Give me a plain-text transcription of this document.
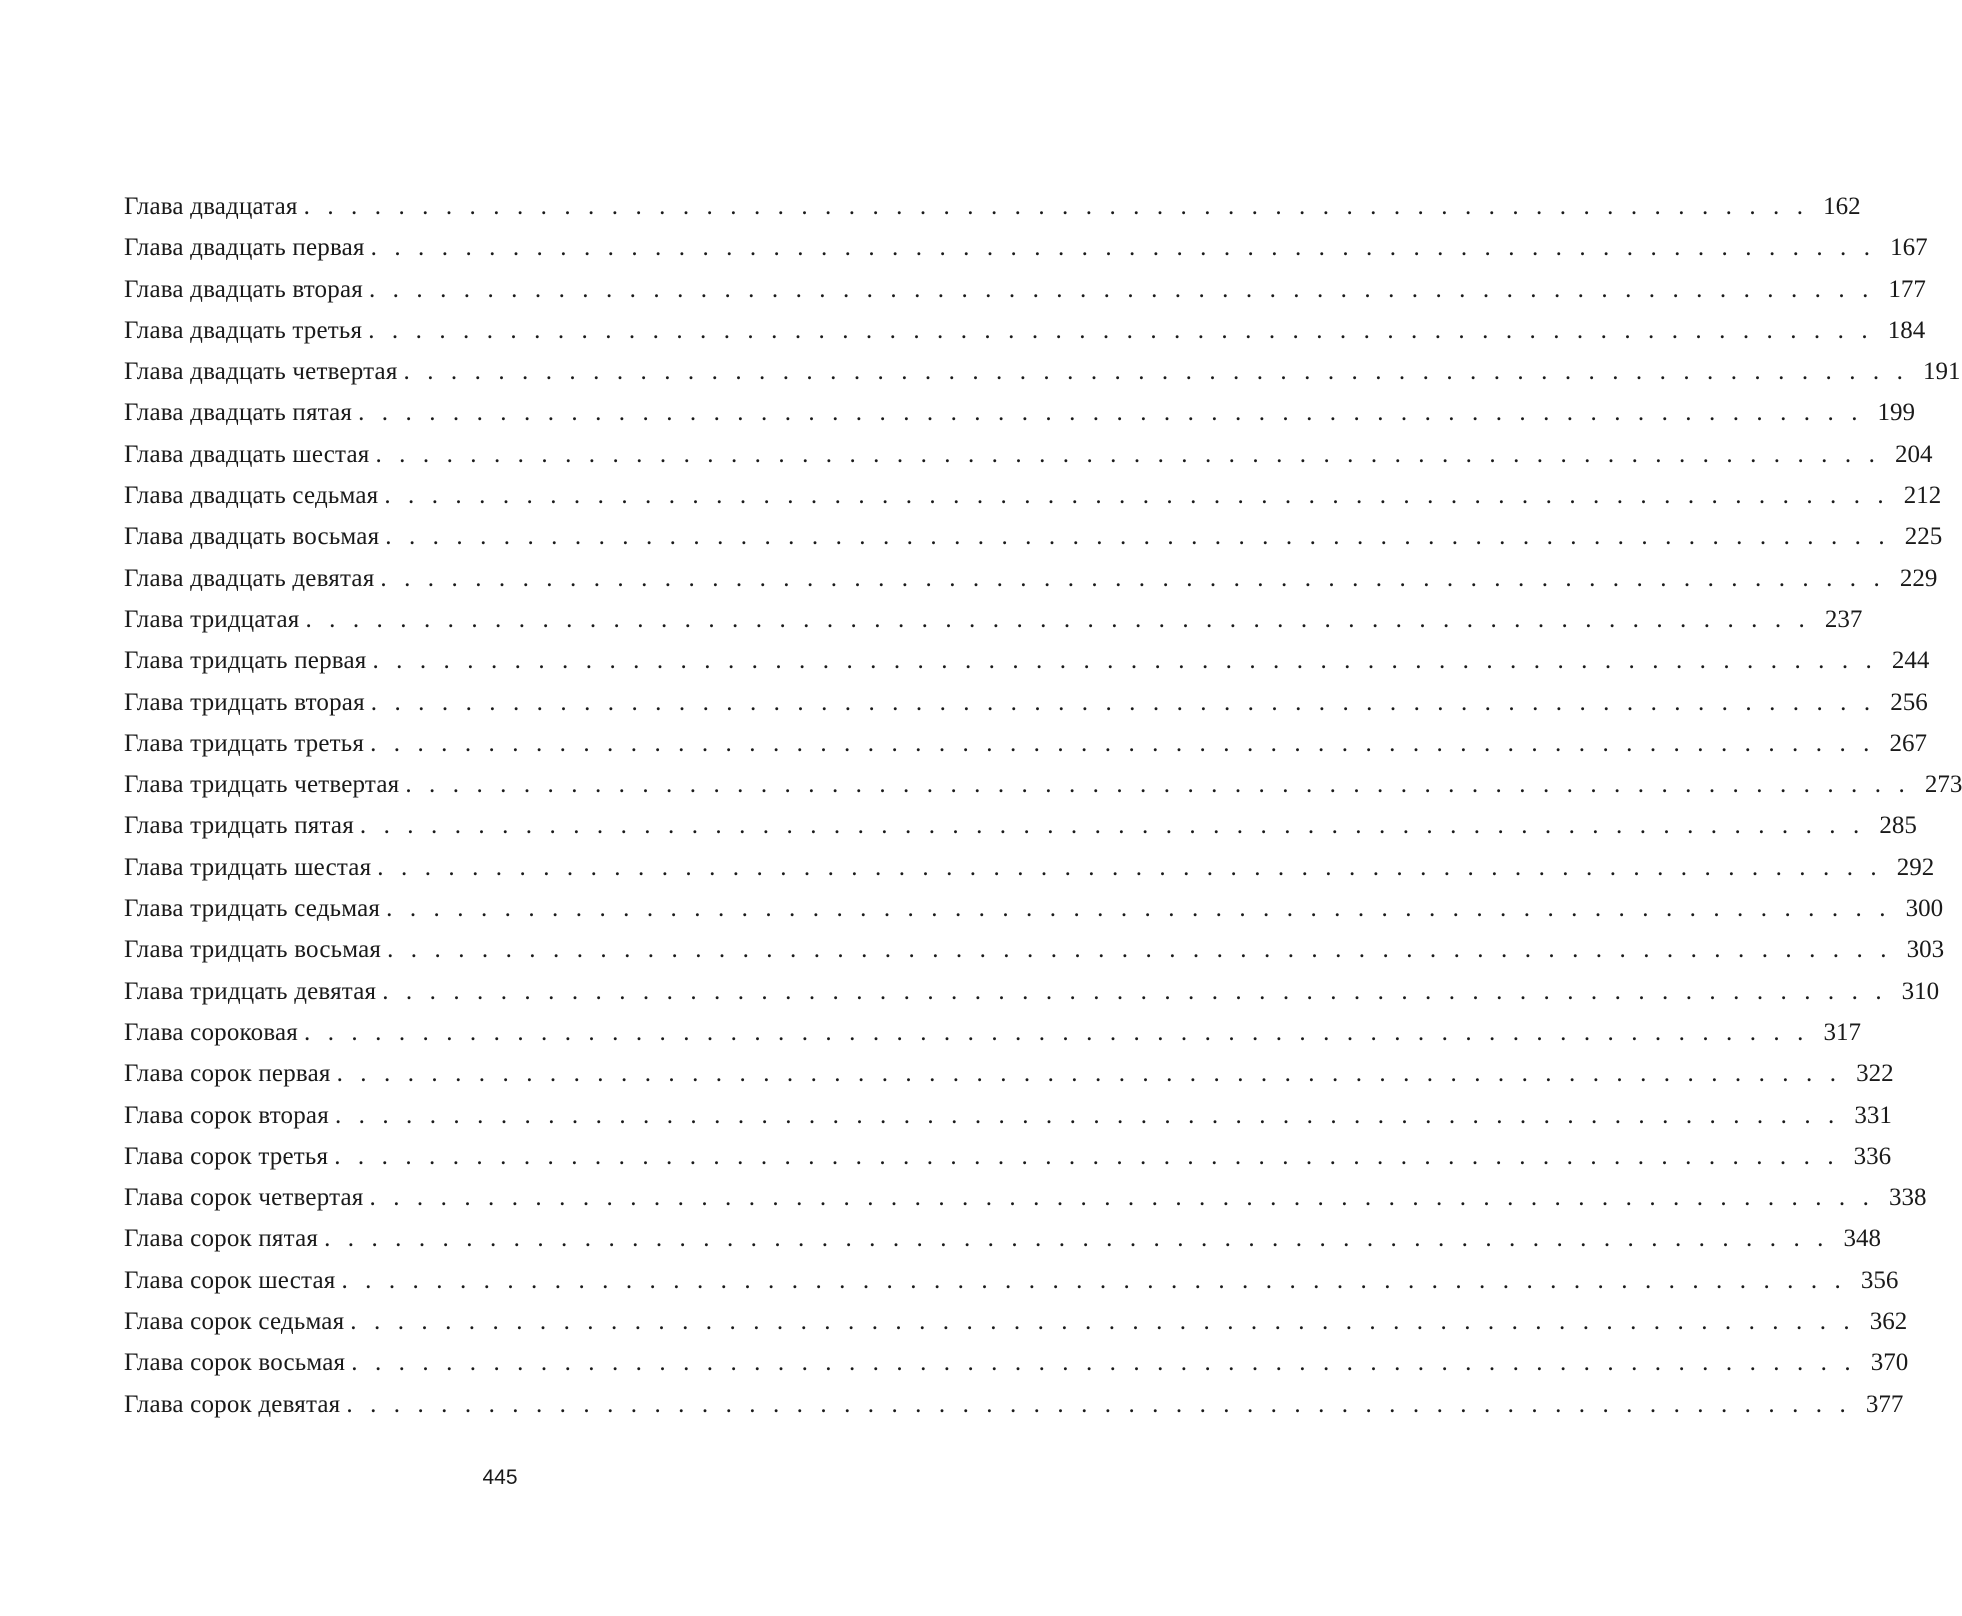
Глава двадцатая . . . . . . . . . . . . . . . . . . . . . . . . . . . . . . . . . . . . . . . . . . . . . . . . . . . . . . . . . . . . . . . . 162
Глава двадцать первая . . . . . . . . . . . . . . . . . . . . . . . . . . . . . . . . . . . . . . . . . . . . . . . . . . . . . . . . . . . . . . . . 167
Глава двадцать вторая . . . . . . . . . . . . . . . . . . . . . . . . . . . . . . . . . . . . . . . . . . . . . . . . . . . . . . . . . . . . . . . . 177
Глава двадцать третья . . . . . . . . . . . . . . . . . . . . . . . . . . . . . . . . . . . . . . . . . . . . . . . . . . . . . . . . . . . . . . . . 184
Глава двадцать четвертая . . . . . . . . . . . . . . . . . . . . . . . . . . . . . . . . . . . . . . . . . . . . . . . . . . . . . . . . . . . . . . . . 191
Глава двадцать пятая . . . . . . . . . . . . . . . . . . . . . . . . . . . . . . . . . . . . . . . . . . . . . . . . . . . . . . . . . . . . . . . . 199
Глава двадцать шестая . . . . . . . . . . . . . . . . . . . . . . . . . . . . . . . . . . . . . . . . . . . . . . . . . . . . . . . . . . . . . . . . 204
Глава двадцать седьмая . . . . . . . . . . . . . . . . . . . . . . . . . . . . . . . . . . . . . . . . . . . . . . . . . . . . . . . . . . . . . . . . 212
Глава двадцать восьмая . . . . . . . . . . . . . . . . . . . . . . . . . . . . . . . . . . . . . . . . . . . . . . . . . . . . . . . . . . . . . . . . 225
Глава двадцать девятая . . . . . . . . . . . . . . . . . . . . . . . . . . . . . . . . . . . . . . . . . . . . . . . . . . . . . . . . . . . . . . . . 229
Глава тридцатая . . . . . . . . . . . . . . . . . . . . . . . . . . . . . . . . . . . . . . . . . . . . . . . . . . . . . . . . . . . . . . . . 237
Глава тридцать первая . . . . . . . . . . . . . . . . . . . . . . . . . . . . . . . . . . . . . . . . . . . . . . . . . . . . . . . . . . . . . . . . 244
Глава тридцать вторая . . . . . . . . . . . . . . . . . . . . . . . . . . . . . . . . . . . . . . . . . . . . . . . . . . . . . . . . . . . . . . . . 256
Глава тридцать третья . . . . . . . . . . . . . . . . . . . . . . . . . . . . . . . . . . . . . . . . . . . . . . . . . . . . . . . . . . . . . . . . 267
Глава тридцать четвертая . . . . . . . . . . . . . . . . . . . . . . . . . . . . . . . . . . . . . . . . . . . . . . . . . . . . . . . . . . . . . . . . 273
Глава тридцать пятая . . . . . . . . . . . . . . . . . . . . . . . . . . . . . . . . . . . . . . . . . . . . . . . . . . . . . . . . . . . . . . . . 285
Глава тридцать шестая . . . . . . . . . . . . . . . . . . . . . . . . . . . . . . . . . . . . . . . . . . . . . . . . . . . . . . . . . . . . . . . . 292
Глава тридцать седьмая . . . . . . . . . . . . . . . . . . . . . . . . . . . . . . . . . . . . . . . . . . . . . . . . . . . . . . . . . . . . . . . . 300
Глава тридцать восьмая . . . . . . . . . . . . . . . . . . . . . . . . . . . . . . . . . . . . . . . . . . . . . . . . . . . . . . . . . . . . . . . . 303
Глава тридцать девятая . . . . . . . . . . . . . . . . . . . . . . . . . . . . . . . . . . . . . . . . . . . . . . . . . . . . . . . . . . . . . . . . 310
Глава сороковая . . . . . . . . . . . . . . . . . . . . . . . . . . . . . . . . . . . . . . . . . . . . . . . . . . . . . . . . . . . . . . . . 317
Глава сорок первая . . . . . . . . . . . . . . . . . . . . . . . . . . . . . . . . . . . . . . . . . . . . . . . . . . . . . . . . . . . . . . . . 322
Глава сорок вторая . . . . . . . . . . . . . . . . . . . . . . . . . . . . . . . . . . . . . . . . . . . . . . . . . . . . . . . . . . . . . . . . 331
Глава сорок третья . . . . . . . . . . . . . . . . . . . . . . . . . . . . . . . . . . . . . . . . . . . . . . . . . . . . . . . . . . . . . . . . 336
Глава сорок четвертая . . . . . . . . . . . . . . . . . . . . . . . . . . . . . . . . . . . . . . . . . . . . . . . . . . . . . . . . . . . . . . . . 338
Глава сорок пятая . . . . . . . . . . . . . . . . . . . . . . . . . . . . . . . . . . . . . . . . . . . . . . . . . . . . . . . . . . . . . . . . 348
Глава сорок шестая . . . . . . . . . . . . . . . . . . . . . . . . . . . . . . . . . . . . . . . . . . . . . . . . . . . . . . . . . . . . . . . . 356
Глава сорок седьмая . . . . . . . . . . . . . . . . . . . . . . . . . . . . . . . . . . . . . . . . . . . . . . . . . . . . . . . . . . . . . . . . 362
Глава сорок восьмая . . . . . . . . . . . . . . . . . . . . . . . . . . . . . . . . . . . . . . . . . . . . . . . . . . . . . . . . . . . . . . . . 370
Глава сорок девятая . . . . . . . . . . . . . . . . . . . . . . . . . . . . . . . . . . . . . . . . . . . . . . . . . . . . . . . . . . . . . . . . 377
445
